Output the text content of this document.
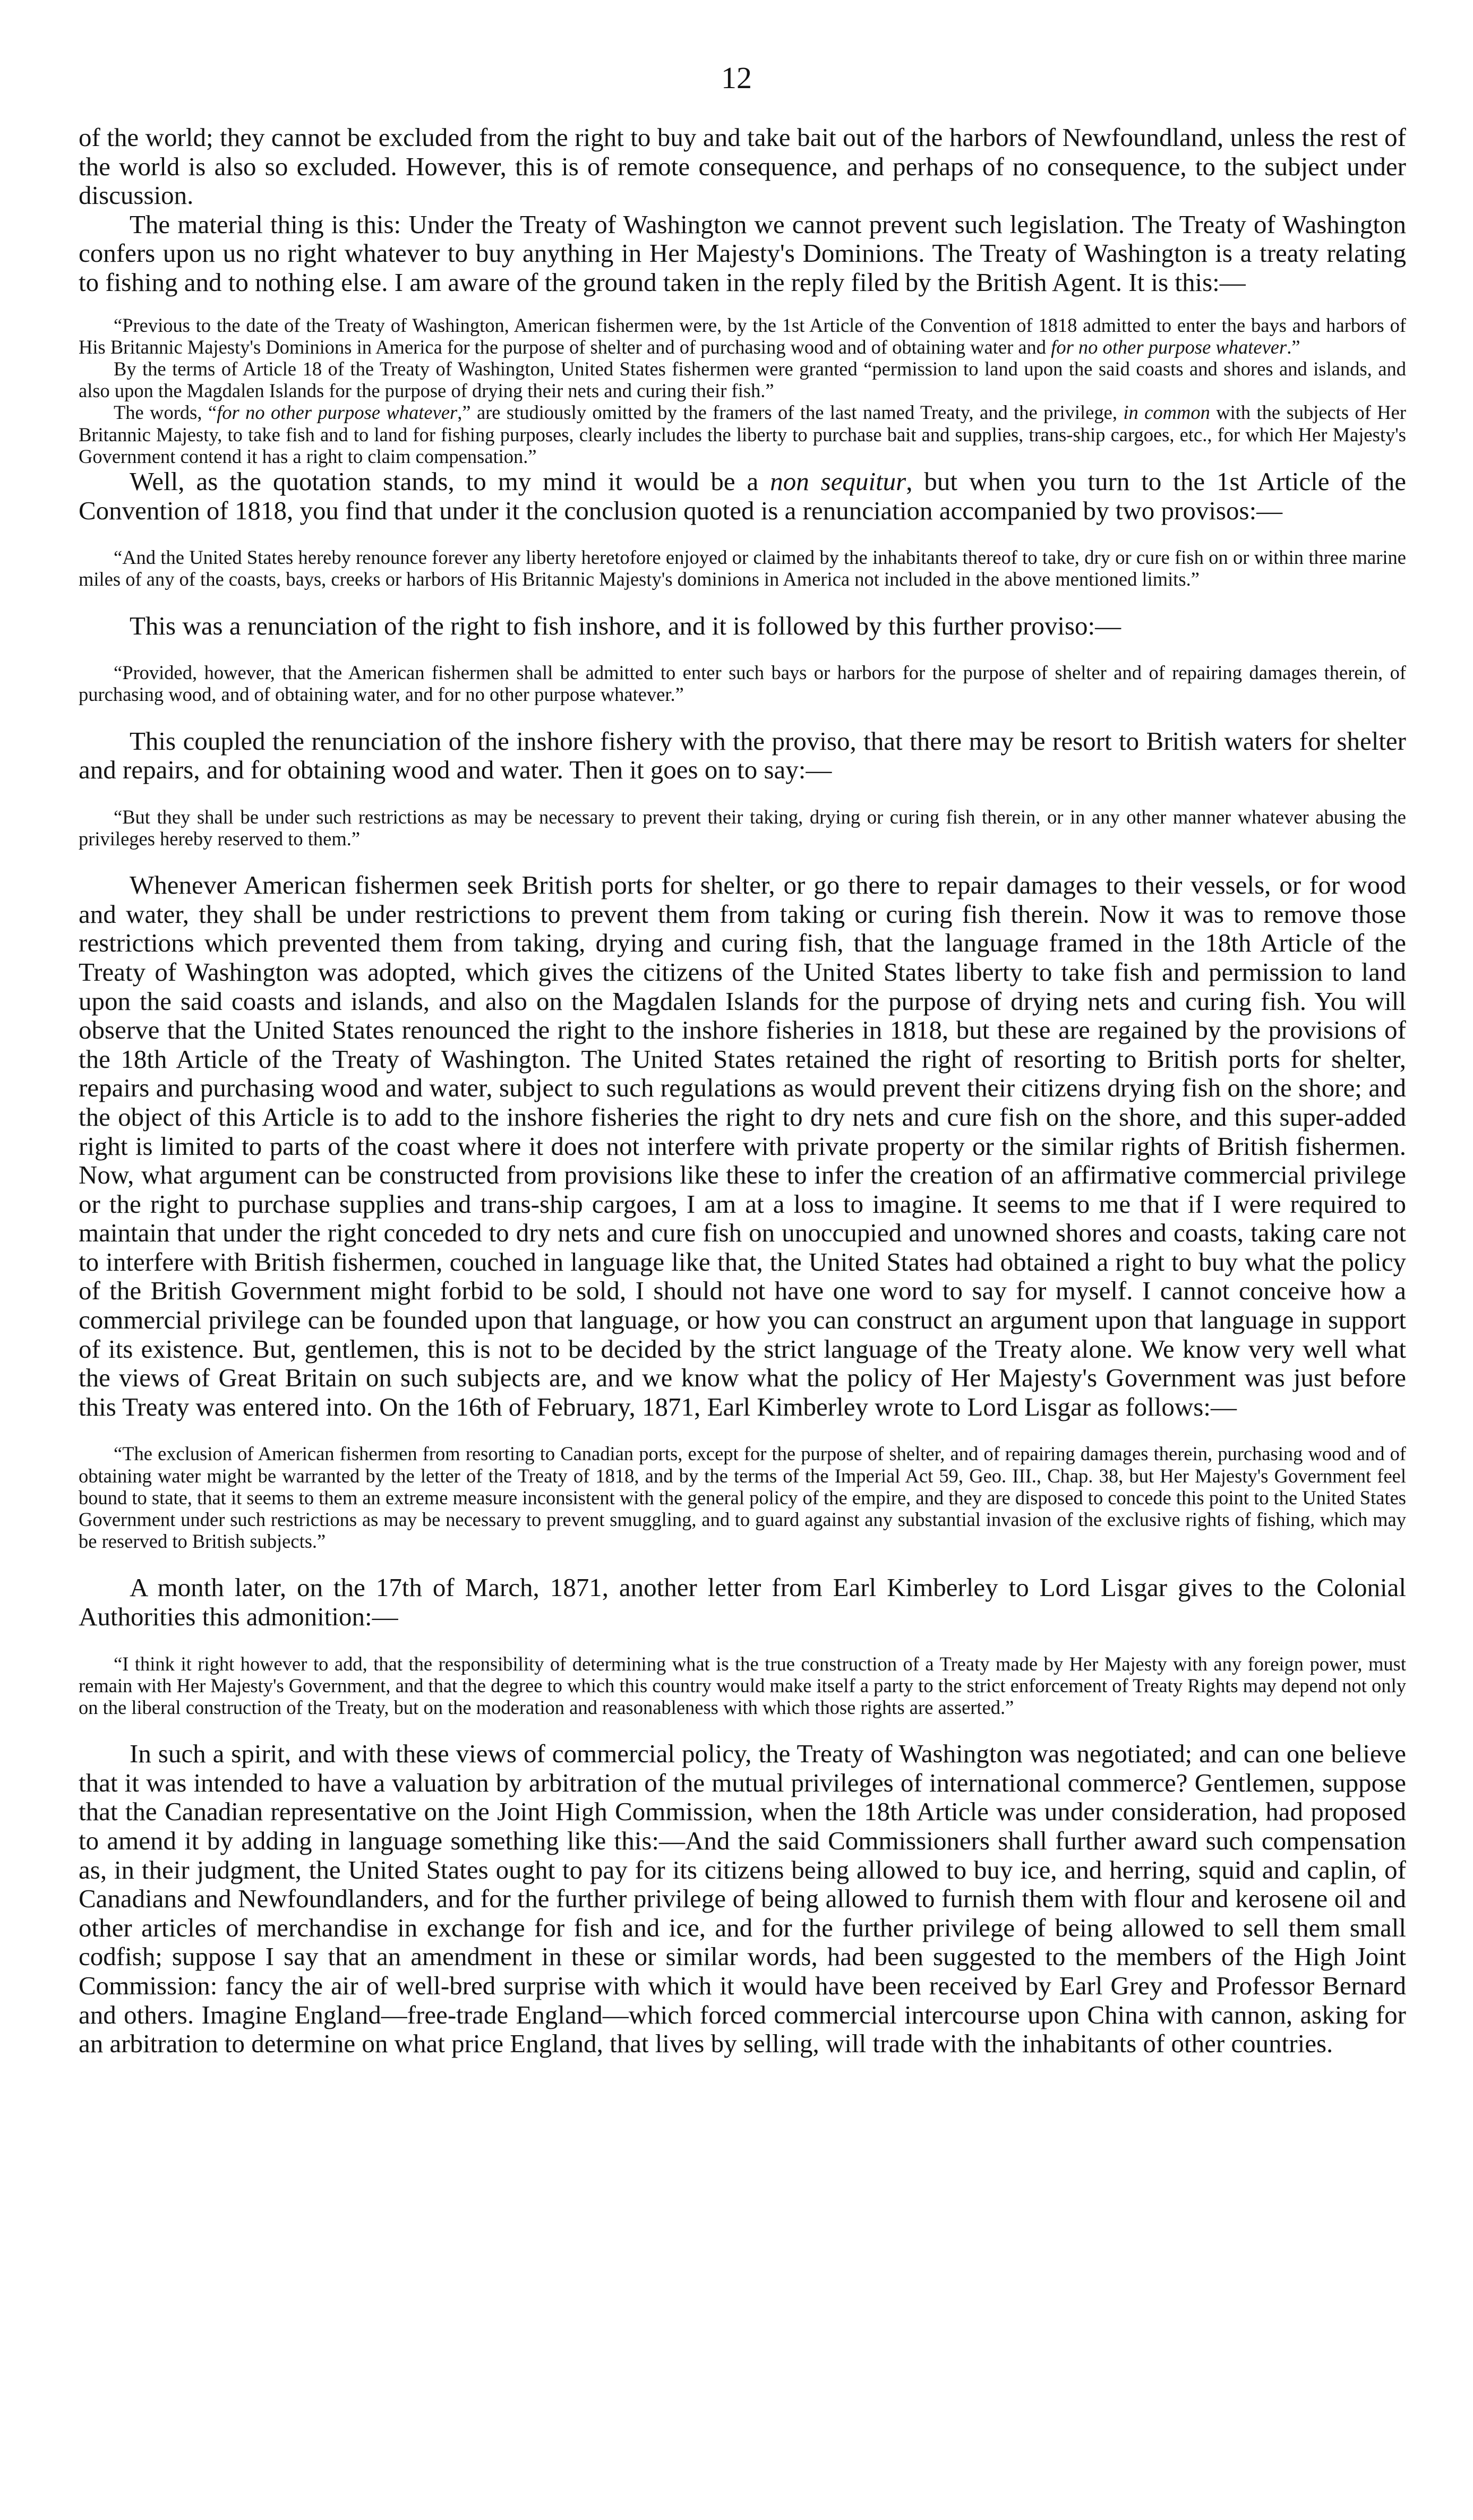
12

of the world; they cannot be excluded from the right to buy and take bait out of the harbors of Newfoundland, unless the rest of the world is also so excluded. However, this is of remote consequence, and perhaps of no consequence, to the subject under discussion.

The material thing is this: Under the Treaty of Washington we cannot prevent such legislation. The Treaty of Washington confers upon us no right whatever to buy anything in Her Majesty's Dominions. The Treaty of Washington is a treaty relating to fishing and to nothing else. I am aware of the ground taken in the reply filed by the British Agent. It is this:—

“Previous to the date of the Treaty of Washington, American fishermen were, by the 1st Article of the Convention of 1818 admitted to enter the bays and harbors of His Britannic Majesty's Dominions in America for the purpose of shelter and of purchasing wood and of obtaining water and for no other purpose whatever.”

By the terms of Article 18 of the Treaty of Washington, United States fishermen were granted “permission to land upon the said coasts and shores and islands, and also upon the Magdalen Islands for the purpose of drying their nets and curing their fish.”

The words, “for no other purpose whatever,” are studiously omitted by the framers of the last named Treaty, and the privilege, in common with the subjects of Her Britannic Majesty, to take fish and to land for fishing purposes, clearly includes the liberty to purchase bait and supplies, trans-ship cargoes, etc., for which Her Majesty's Government contend it has a right to claim compensation.”

Well, as the quotation stands, to my mind it would be a non sequitur, but when you turn to the 1st Article of the Convention of 1818, you find that under it the conclusion quoted is a renunciation accompanied by two provisos:—

“And the United States hereby renounce forever any liberty heretofore enjoyed or claimed by the inhabitants thereof to take, dry or cure fish on or within three marine miles of any of the coasts, bays, creeks or harbors of His Britannic Majesty's dominions in America not included in the above mentioned limits.”

This was a renunciation of the right to fish inshore, and it is followed by this further proviso:—

“Provided, however, that the American fishermen shall be admitted to enter such bays or harbors for the purpose of shelter and of repairing damages therein, of purchasing wood, and of obtaining water, and for no other purpose whatever.”

This coupled the renunciation of the inshore fishery with the proviso, that there may be resort to British waters for shelter and repairs, and for obtaining wood and water. Then it goes on to say:—

“But they shall be under such restrictions as may be necessary to prevent their taking, drying or curing fish therein, or in any other manner whatever abusing the privileges hereby reserved to them.”

Whenever American fishermen seek British ports for shelter, or go there to repair damages to their vessels, or for wood and water, they shall be under restrictions to prevent them from taking or curing fish therein. Now it was to remove those restrictions which prevented them from taking, drying and curing fish, that the language framed in the 18th Article of the Treaty of Washington was adopted, which gives the citizens of the United States liberty to take fish and permission to land upon the said coasts and islands, and also on the Magdalen Islands for the purpose of drying nets and curing fish. You will observe that the United States renounced the right to the inshore fisheries in 1818, but these are regained by the provisions of the 18th Article of the Treaty of Washington. The United States retained the right of resorting to British ports for shelter, repairs and purchasing wood and water, subject to such regulations as would prevent their citizens drying fish on the shore; and the object of this Article is to add to the inshore fisheries the right to dry nets and cure fish on the shore, and this super-added right is limited to parts of the coast where it does not interfere with private property or the similar rights of British fishermen. Now, what argument can be constructed from provisions like these to infer the creation of an affirmative commercial privilege or the right to purchase supplies and trans-ship cargoes, I am at a loss to imagine. It seems to me that if I were required to maintain that under the right conceded to dry nets and cure fish on unoccupied and unowned shores and coasts, taking care not to interfere with British fishermen, couched in language like that, the United States had obtained a right to buy what the policy of the British Government might forbid to be sold, I should not have one word to say for myself. I cannot conceive how a commercial privilege can be founded upon that language, or how you can construct an argument upon that language in support of its existence. But, gentlemen, this is not to be decided by the strict language of the Treaty alone. We know very well what the views of Great Britain on such subjects are, and we know what the policy of Her Majesty's Government was just before this Treaty was entered into. On the 16th of February, 1871, Earl Kimberley wrote to Lord Lisgar as follows:—

“The exclusion of American fishermen from resorting to Canadian ports, except for the purpose of shelter, and of repairing damages therein, purchasing wood and of obtaining water might be warranted by the letter of the Treaty of 1818, and by the terms of the Imperial Act 59, Geo. III., Chap. 38, but Her Majesty's Government feel bound to state, that it seems to them an extreme measure inconsistent with the general policy of the empire, and they are disposed to concede this point to the United States Government under such restrictions as may be necessary to prevent smuggling, and to guard against any substantial invasion of the exclusive rights of fishing, which may be reserved to British subjects.”

A month later, on the 17th of March, 1871, another letter from Earl Kimberley to Lord Lisgar gives to the Colonial Authorities this admonition:—

“I think it right however to add, that the responsibility of determining what is the true construction of a Treaty made by Her Majesty with any foreign power, must remain with Her Majesty's Government, and that the degree to which this country would make itself a party to the strict enforcement of Treaty Rights may depend not only on the liberal construction of the Treaty, but on the moderation and reasonableness with which those rights are asserted.”

In such a spirit, and with these views of commercial policy, the Treaty of Washington was negotiated; and can one believe that it was intended to have a valuation by arbitration of the mutual privileges of international commerce? Gentlemen, suppose that the Canadian representative on the Joint High Commission, when the 18th Article was under consideration, had proposed to amend it by adding in language something like this:—And the said Commissioners shall further award such compensation as, in their judgment, the United States ought to pay for its citizens being allowed to buy ice, and herring, squid and caplin, of Canadians and Newfoundlanders, and for the further privilege of being allowed to furnish them with flour and kerosene oil and other articles of merchandise in exchange for fish and ice, and for the further privilege of being allowed to sell them small codfish; suppose I say that an amendment in these or similar words, had been suggested to the members of the High Joint Commission: fancy the air of well-bred surprise with which it would have been received by Earl Grey and Professor Bernard and others. Imagine England—free-trade England—which forced commercial intercourse upon China with cannon, asking for an arbitration to determine on what price England, that lives by selling, will trade with the inhabitants of other countries.
